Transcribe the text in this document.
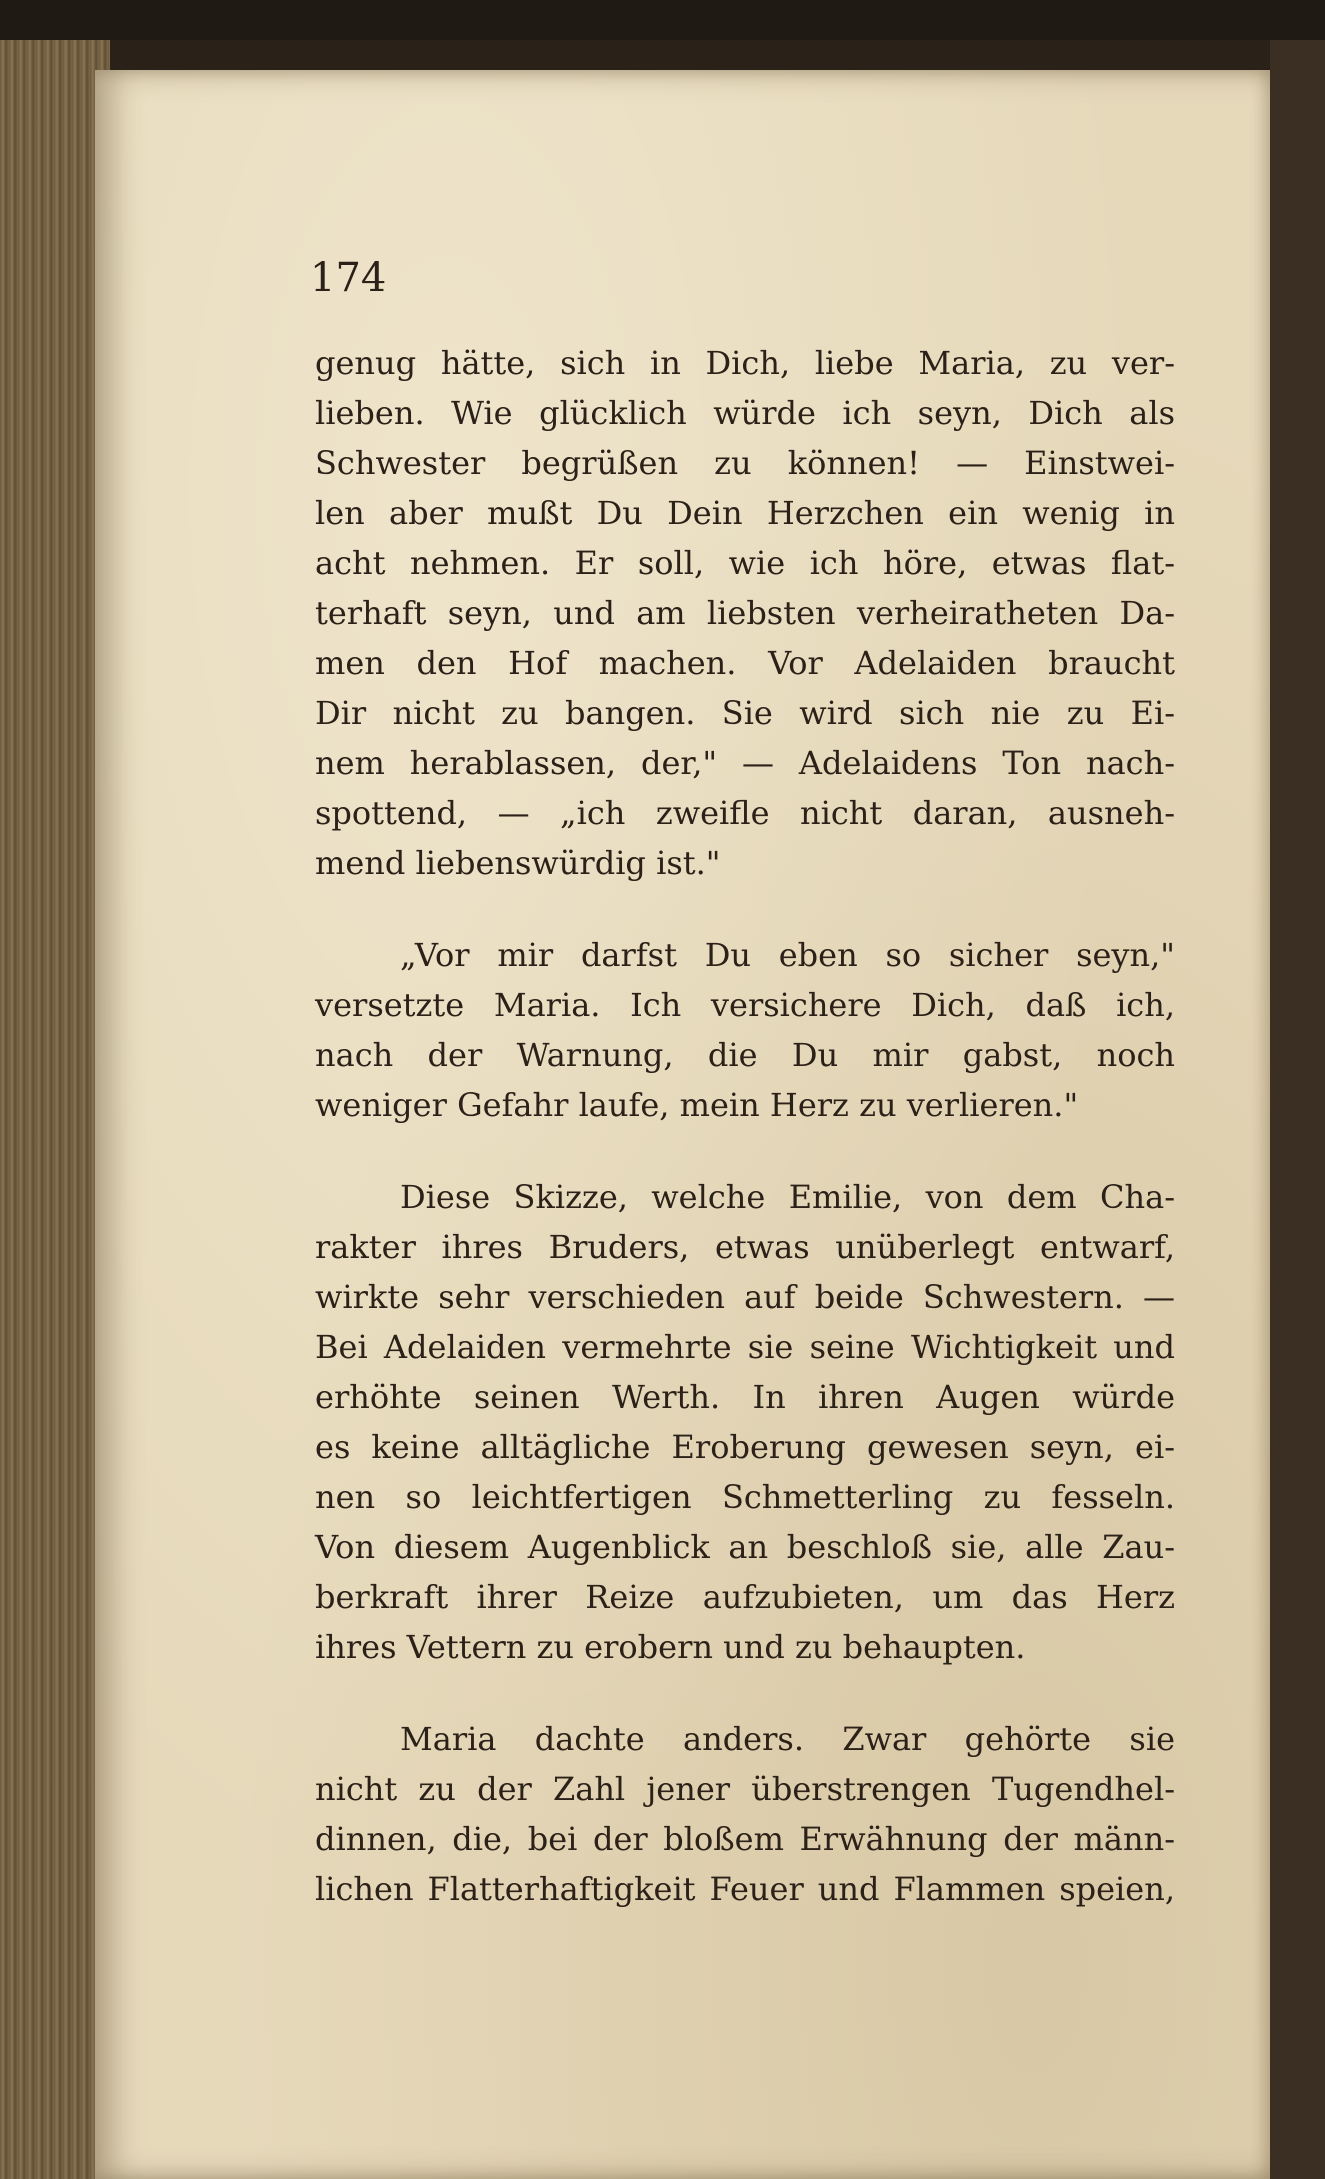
174
genug hätte, sich in Dich, liebe Maria, zu ver-
lieben. Wie glücklich würde ich seyn, Dich als
Schwester begrüßen zu können! — Einstwei-
len aber mußt Du Dein Herzchen ein wenig in
acht nehmen. Er soll, wie ich höre, etwas flat-
terhaft seyn, und am liebsten verheiratheten Da-
men den Hof machen. Vor Adelaiden braucht
Dir nicht zu bangen. Sie wird sich nie zu Ei-
nem herablassen, der," — Adelaidens Ton nach-
spottend, — „ich zweifle nicht daran, ausneh-
mend liebenswürdig ist."
„Vor mir darfst Du eben so sicher seyn,"
versetzte Maria. Ich versichere Dich, daß ich,
nach der Warnung, die Du mir gabst, noch
weniger Gefahr laufe, mein Herz zu verlieren."
Diese Skizze, welche Emilie, von dem Cha-
rakter ihres Bruders, etwas unüberlegt entwarf,
wirkte sehr verschieden auf beide Schwestern. —
Bei Adelaiden vermehrte sie seine Wichtigkeit und
erhöhte seinen Werth. In ihren Augen würde
es keine alltägliche Eroberung gewesen seyn, ei-
nen so leichtfertigen Schmetterling zu fesseln.
Von diesem Augenblick an beschloß sie, alle Zau-
berkraft ihrer Reize aufzubieten, um das Herz
ihres Vettern zu erobern und zu behaupten.
Maria dachte anders. Zwar gehörte sie
nicht zu der Zahl jener überstrengen Tugendhel-
dinnen, die, bei der bloßem Erwähnung der männ-
lichen Flatterhaftigkeit Feuer und Flammen speien,
